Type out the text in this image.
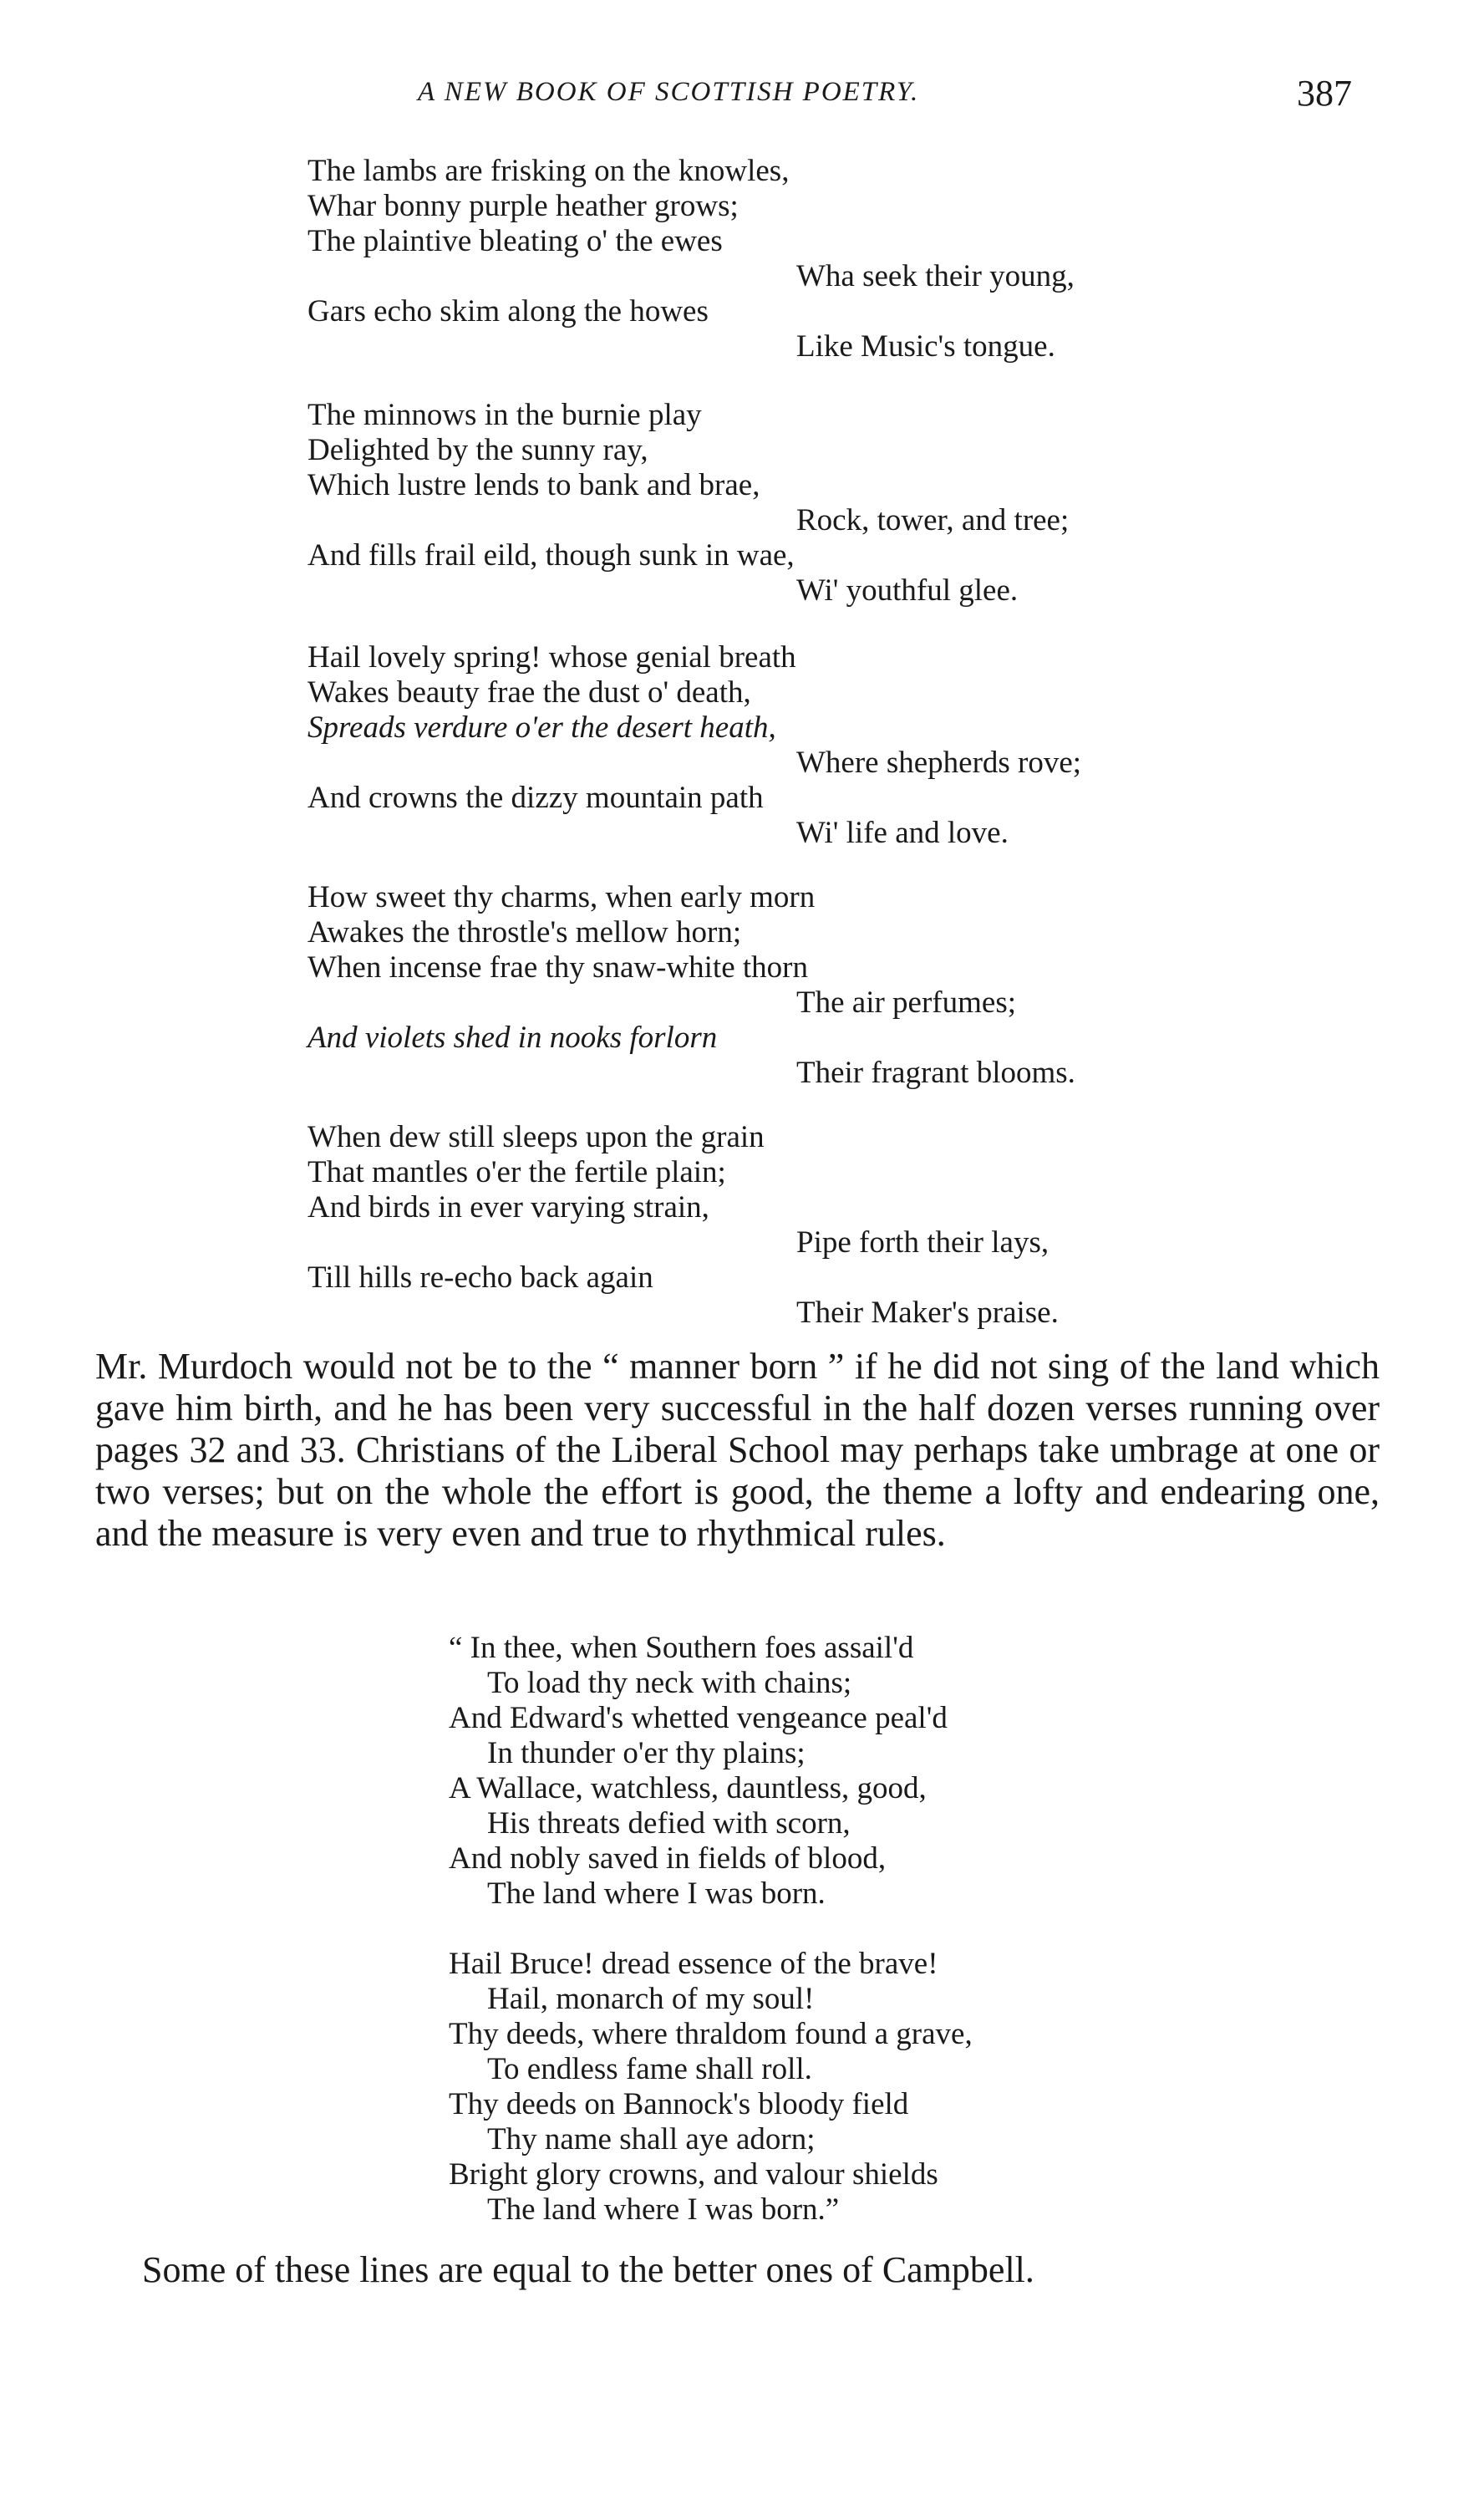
A NEW BOOK OF SCOTTISH POETRY.	387
The lambs are frisking on the knowles,
Whar bonny purple heather grows;
The plaintive bleating o' the ewes
Wha seek their young,
Gars echo skim along the howes
Like Music's tongue.
The minnows in the burnie play
Delighted by the sunny ray,
Which lustre lends to bank and brae,
Rock, tower, and tree;
And fills frail eild, though sunk in wae,
Wi' youthful glee.
Hail lovely spring! whose genial breath
Wakes beauty frae the dust o' death,
Spreads verdure o'er the desert heath,
Where shepherds rove;
And crowns the dizzy mountain path
Wi' life and love.
How sweet thy charms, when early morn
Awakes the throstle's mellow horn;
When incense frae thy snaw-white thorn
The air perfumes;
And violets shed in nooks forlorn
Their fragrant blooms.
When dew still sleeps upon the grain
That mantles o'er the fertile plain;
And birds in ever varying strain,
Pipe forth their lays,
Till hills re-echo back again
Their Maker's praise.

Mr. Murdoch would not be to the “ manner born ” if he did not sing of the land which gave him birth, and he has been very successful in the half dozen verses running over pages 32 and 33. Christians of the Liberal School may perhaps take umbrage at one or two verses; but on the whole the effort is good, the theme a lofty and endearing one, and the measure is very even and true to rhythmical rules.

“ In thee, when Southern foes assail'd
To load thy neck with chains;
And Edward's whetted vengeance peal'd
In thunder o'er thy plains;
A Wallace, watchless, dauntless, good,
His threats defied with scorn,
And nobly saved in fields of blood,
The land where I was born.
Hail Bruce! dread essence of the brave!
Hail, monarch of my soul!
Thy deeds, where thraldom found a grave,
To endless fame shall roll.
Thy deeds on Bannock's bloody field
Thy name shall aye adorn;
Bright glory crowns, and valour shields
The land where I was born.”
Some of these lines are equal to the better ones of Campbell.
